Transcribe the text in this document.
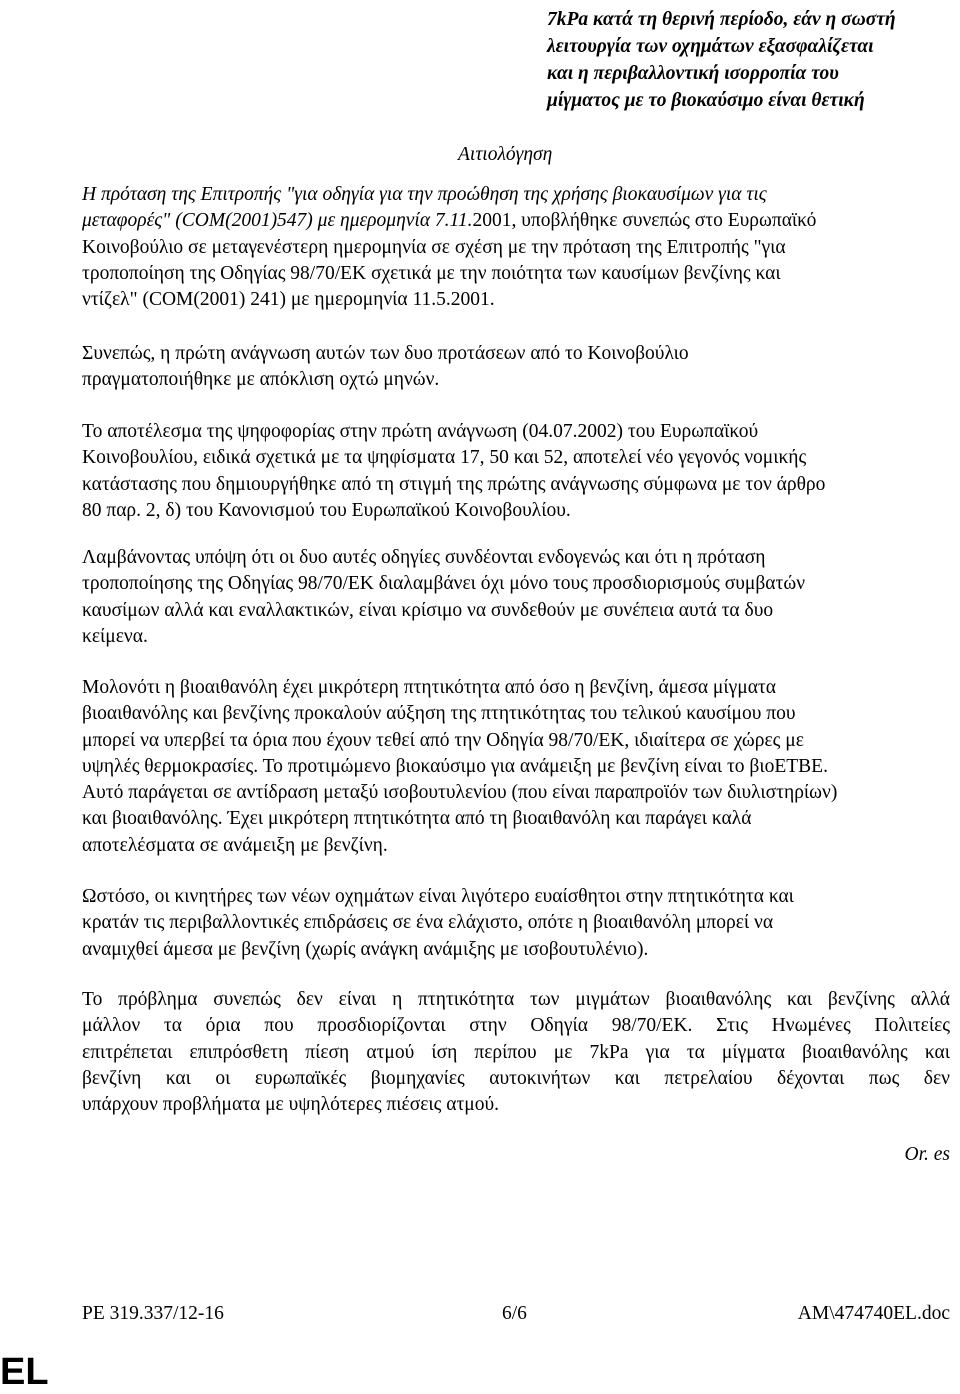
7kPa κατά τη θερινή περίοδο, εάν η σωστή
λειτουργία των οχημάτων εξασφαλίζεται
και η περιβαλλοντική ισορροπία του
μίγματος με το βιοκαύσιμο είναι θετική
Αιτιολόγηση
Η πρόταση της Επιτροπής "για οδηγία για την προώθηση της χρήσης βιοκαυσίμων για τις
μεταφορές" (COM(2001)547) με ημερομηνία 7.11.2001, υποβλήθηκε συνεπώς στο Ευρωπαϊκό
Κοινοβούλιο σε μεταγενέστερη ημερομηνία σε σχέση με την πρόταση της Επιτροπής "για
τροποποίηση της Οδηγίας 98/70/ΕΚ σχετικά με την ποιότητα των καυσίμων βενζίνης και
ντίζελ" (COM(2001) 241) με ημερομηνία 11.5.2001.
Συνεπώς, η πρώτη ανάγνωση αυτών των δυο προτάσεων από το Κοινοβούλιο
πραγματοποιήθηκε με απόκλιση οχτώ μηνών.
Το αποτέλεσμα της ψηφοφορίας στην πρώτη ανάγνωση (04.07.2002) του Ευρωπαϊκού
Κοινοβουλίου, ειδικά σχετικά με τα ψηφίσματα 17, 50 και 52, αποτελεί νέο γεγονός νομικής
κατάστασης που δημιουργήθηκε από τη στιγμή της πρώτης ανάγνωσης σύμφωνα με τον άρθρο
80 παρ. 2, δ) του Κανονισμού του Ευρωπαϊκού Κοινοβουλίου.
Λαμβάνοντας υπόψη ότι οι δυο αυτές οδηγίες συνδέονται ενδογενώς και ότι η πρόταση
τροποποίησης της Οδηγίας 98/70/ΕΚ διαλαμβάνει όχι μόνο τους προσδιορισμούς συμβατών
καυσίμων αλλά και εναλλακτικών, είναι κρίσιμο να συνδεθούν με συνέπεια αυτά τα δυο
κείμενα.
Μολονότι η βιοαιθανόλη έχει μικρότερη πτητικότητα από όσο η βενζίνη, άμεσα μίγματα
βιοαιθανόλης και βενζίνης προκαλούν αύξηση της πτητικότητας του τελικού καυσίμου που
μπορεί να υπερβεί τα όρια που έχουν τεθεί από την Οδηγία 98/70/ΕΚ, ιδιαίτερα σε χώρες με
υψηλές θερμοκρασίες. Το προτιμώμενο βιοκαύσιμο για ανάμειξη με βενζίνη είναι το βιοΕΤΒΕ.
Αυτό παράγεται σε αντίδραση μεταξύ ισοβουτυλενίου (που είναι παραπροϊόν των διυλιστηρίων)
και βιοαιθανόλης. Έχει μικρότερη πτητικότητα από τη βιοαιθανόλη και παράγει καλά
αποτελέσματα σε ανάμειξη με βενζίνη.
Ωστόσο, οι κινητήρες των νέων οχημάτων είναι λιγότερο ευαίσθητοι στην πτητικότητα και
κρατάν τις περιβαλλοντικές επιδράσεις σε ένα ελάχιστο, οπότε η βιοαιθανόλη μπορεί να
αναμιχθεί άμεσα με βενζίνη (χωρίς ανάγκη ανάμιξης με ισοβουτυλένιο).
Το πρόβλημα συνεπώς δεν είναι η πτητικότητα των μιγμάτων βιοαιθανόλης και βενζίνης αλλά
μάλλον τα όρια που προσδιορίζονται στην Οδηγία 98/70/ΕΚ. Στις Ηνωμένες Πολιτείες
επιτρέπεται επιπρόσθετη πίεση ατμού ίση περίπου με 7kPa για τα μίγματα βιοαιθανόλης και
βενζίνη και οι ευρωπαϊκές βιομηχανίες αυτοκινήτων και πετρελαίου δέχονται πως δεν
υπάρχουν προβλήματα με υψηλότερες πιέσεις ατμού.
Or. es
PE 319.337/12-16	6/6	AM\474740EL.doc
EL
